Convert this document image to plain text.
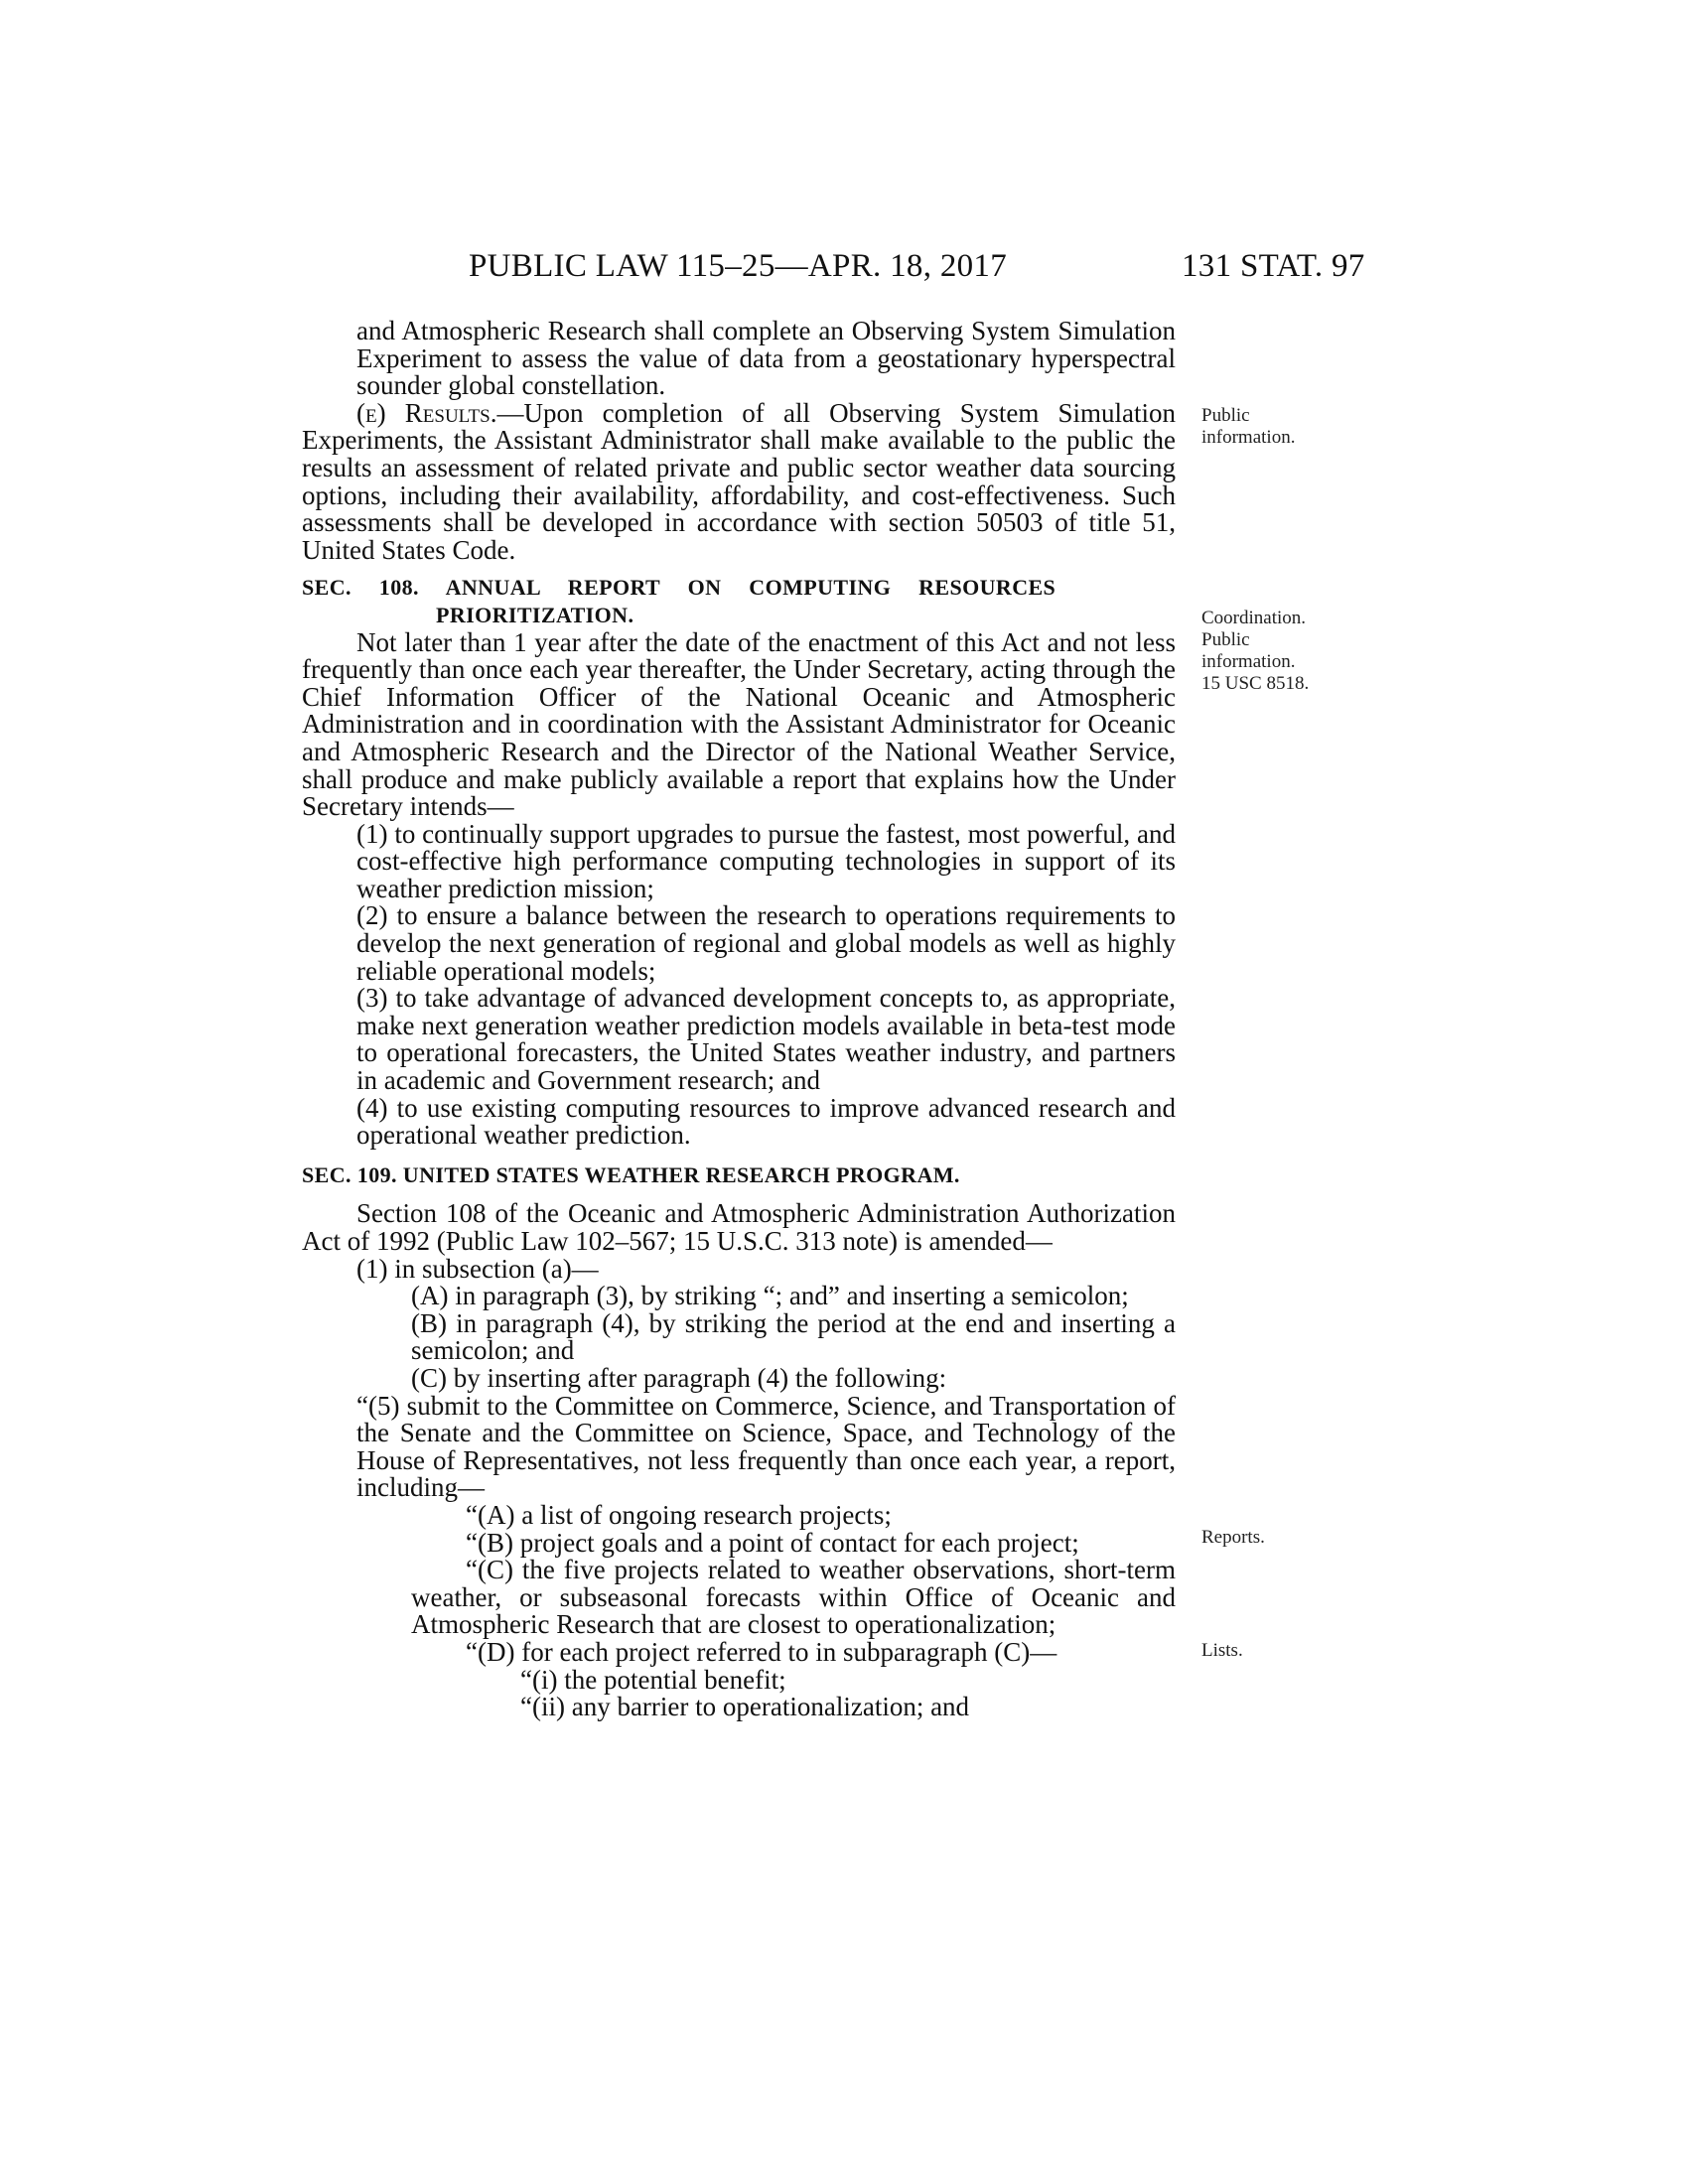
PUBLIC LAW 115–25—APR. 18, 2017	131 STAT. 97

and Atmospheric Research shall complete an Observing System Simulation Experiment to assess the value of data from a geostationary hyperspectral sounder global constellation.

(e) Results.—Upon completion of all Observing System Simulation Experiments, the Assistant Administrator shall make available to the public the results an assessment of related private and public sector weather data sourcing options, including their availability, affordability, and cost-effectiveness. Such assessments shall be developed in accordance with section 50503 of title 51, United States Code.

SEC. 108. ANNUAL REPORT ON COMPUTING RESOURCES
PRIORITIZATION.

Not later than 1 year after the date of the enactment of this Act and not less frequently than once each year thereafter, the Under Secretary, acting through the Chief Information Officer of the National Oceanic and Atmospheric Administration and in coordination with the Assistant Administrator for Oceanic and Atmospheric Research and the Director of the National Weather Service, shall produce and make publicly available a report that explains how the Under Secretary intends—

(1) to continually support upgrades to pursue the fastest, most powerful, and cost-effective high performance computing technologies in support of its weather prediction mission;

(2) to ensure a balance between the research to operations requirements to develop the next generation of regional and global models as well as highly reliable operational models;

(3) to take advantage of advanced development concepts to, as appropriate, make next generation weather prediction models available in beta-test mode to operational forecasters, the United States weather industry, and partners in academic and Government research; and

(4) to use existing computing resources to improve advanced research and operational weather prediction.

SEC. 109. UNITED STATES WEATHER RESEARCH PROGRAM.

Section 108 of the Oceanic and Atmospheric Administration Authorization Act of 1992 (Public Law 102–567; 15 U.S.C. 313 note) is amended—

(1) in subsection (a)—

(A) in paragraph (3), by striking “; and” and inserting a semicolon;

(B) in paragraph (4), by striking the period at the end and inserting a semicolon; and

(C) by inserting after paragraph (4) the following:

“(5) submit to the Committee on Commerce, Science, and Transportation of the Senate and the Committee on Science, Space, and Technology of the House of Representatives, not less frequently than once each year, a report, including—

“(A) a list of ongoing research projects;

“(B) project goals and a point of contact for each project;

“(C) the five projects related to weather observations, short-term weather, or subseasonal forecasts within Office of Oceanic and Atmospheric Research that are closest to operationalization;

“(D) for each project referred to in subparagraph (C)—

“(i) the potential benefit;

“(ii) any barrier to operationalization; and

Public information.
Coordination.
Public information.
15 USC 8518.
Reports.
Lists.
